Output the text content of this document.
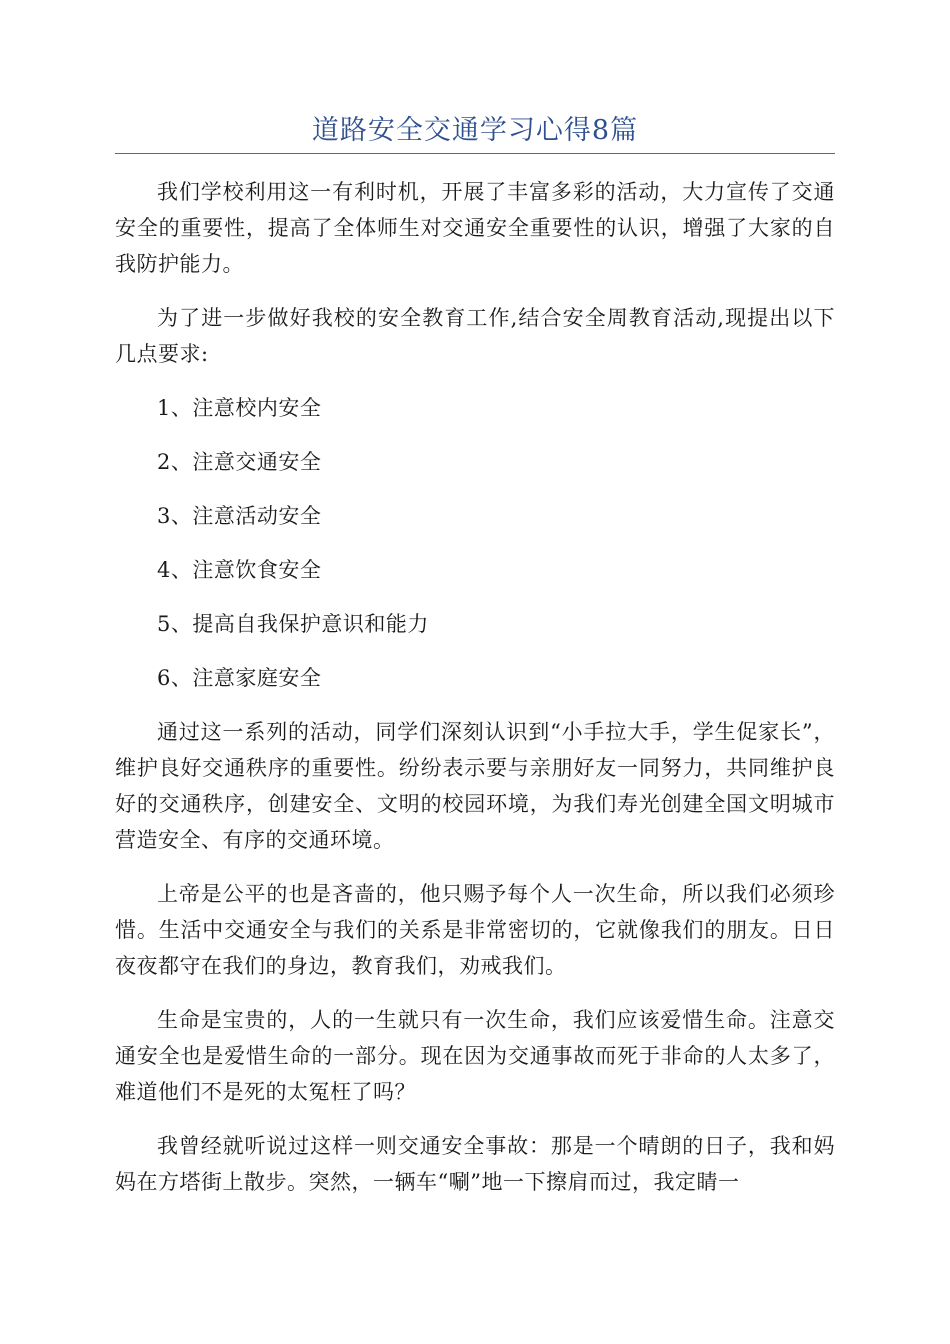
道路安全交通学习心得8篇

我们学校利用这一有利时机，开展了丰富多彩的活动，大力宣传了交通安全的重要性，提高了全体师生对交通安全重要性的认识，增强了大家的自我防护能力。

为了进一步做好我校的安全教育工作,结合安全周教育活动,现提出以下几点要求:

1、注意校内安全

2、注意交通安全

3、注意活动安全

4、注意饮食安全

5、提高自我保护意识和能力

6、注意家庭安全

通过这一系列的活动，同学们深刻认识到“小手拉大手，学生促家长”，维护良好交通秩序的重要性。纷纷表示要与亲朋好友一同努力，共同维护良好的交通秩序，创建安全、文明的校园环境，为我们寿光创建全国文明城市营造安全、有序的交通环境。

上帝是公平的也是吝啬的，他只赐予每个人一次生命，所以我们必须珍惜。生活中交通安全与我们的关系是非常密切的，它就像我们的朋友。日日夜夜都守在我们的身边，教育我们，劝戒我们。

生命是宝贵的，人的一生就只有一次生命，我们应该爱惜生命。注意交通安全也是爱惜生命的一部分。现在因为交通事故而死于非命的人太多了，难道他们不是死的太冤枉了吗？

我曾经就听说过这样一则交通安全事故：那是一个晴朗的日子，我和妈妈在方塔街上散步。突然，一辆车“唰”地一下擦肩而过，我定睛一
